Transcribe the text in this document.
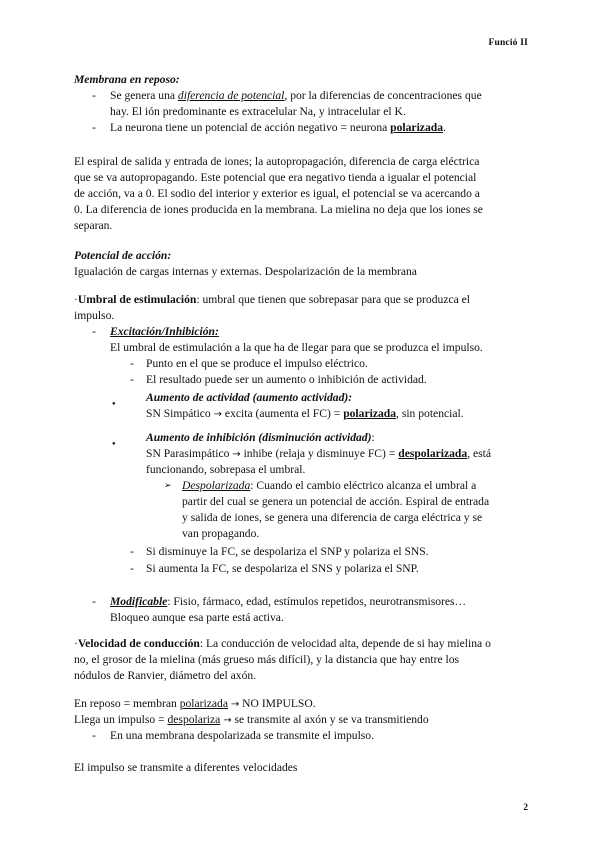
Funció II
Membrana en reposo:
-	Se genera una diferencia de potencial, por la diferencias de concentraciones que
hay. El ión predominante es extracelular Na, y intracelular el K.
-	La neurona tiene un potencial de acción negativo = neurona polarizada.
El espiral de salida y entrada de iones; la autopropagación, diferencia de carga eléctrica
que se va autopropagando. Este potencial que era negativo tienda a igualar el potencial
de acción, va a 0. El sodio del interior y exterior es igual, el potencial se va acercando a
0. La diferencia de iones producida en la membrana. La mielina no deja que los iones se
separan.
Potencial de acción:
Igualación de cargas internas y externas. Despolarización de la membrana
·Umbral de estimulación: umbral que tienen que sobrepasar para que se produzca el
impulso.
-	Excitación/Inhibición:
El umbral de estimulación a la que ha de llegar para que se produzca el impulso.
-	Punto en el que se produce el impulso eléctrico.
-	El resultado puede ser un aumento o inhibición de actividad.
●	Aumento de actividad (aumento actividad):
SN Simpático → excita (aumenta el FC) = polarizada, sin potencial.
●	Aumento de inhibición (disminución actividad):
SN Parasimpático → inhibe (relaja y disminuye FC) = despolarizada, está
funcionando, sobrepasa el umbral.
➢ Despolarizada: Cuando el cambio eléctrico alcanza el umbral a
partir del cual se genera un potencial de acción. Espiral de entrada
y salida de iones, se genera una diferencia de carga eléctrica y se
van propagando.
-	Si disminuye la FC, se despolariza el SNP y polariza el SNS.
-	Si aumenta la FC, se despolariza el SNS y polariza el SNP.
-	Modificable: Fisio, fármaco, edad, estímulos repetidos, neurotransmisores…
Bloqueo aunque esa parte está activa.
·Velocidad de conducción: La conducción de velocidad alta, depende de si hay mielina o
no, el grosor de la mielina (más grueso más difícil), y la distancia que hay entre los
nódulos de Ranvier, diámetro del axón.
En reposo = membran polarizada → NO IMPULSO.
Llega un impulso = despolariza → se transmite al axón y se va transmitiendo
-	En una membrana despolarizada se transmite el impulso.
El impulso se transmite a diferentes velocidades
2
